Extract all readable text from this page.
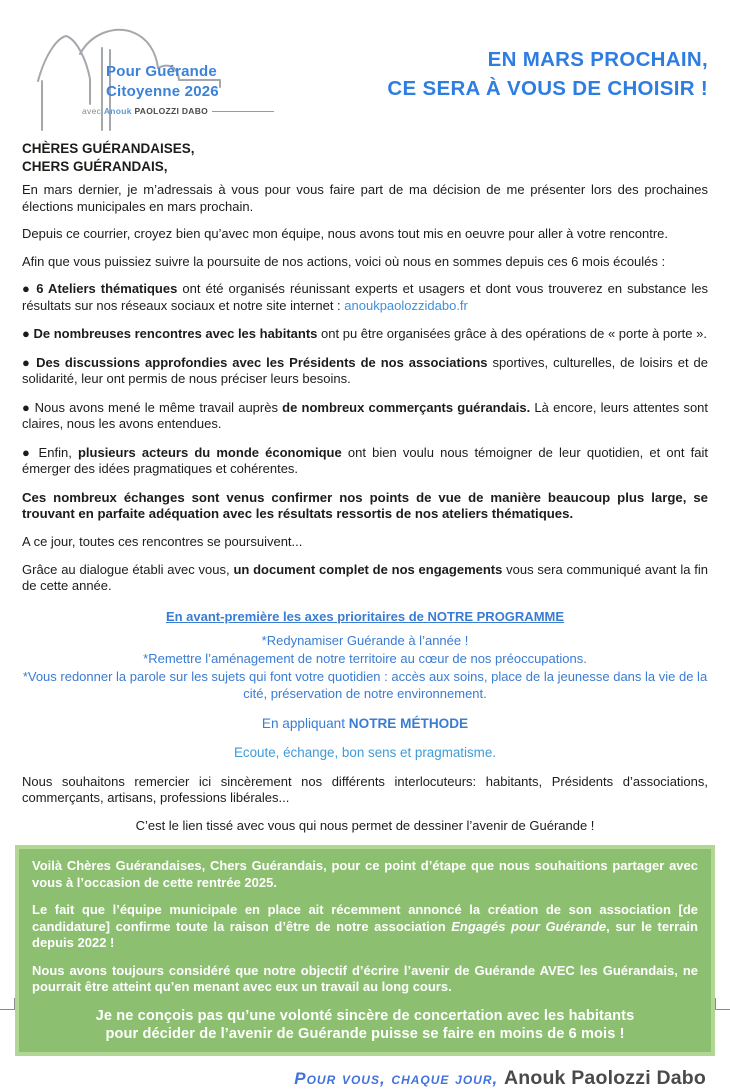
Pour Guérande
Citoyenne 2026
avec Anouk PAOLOZZI DABO
EN MARS PROCHAIN,
CE SERA À VOUS DE CHOISIR !

CHÈRES GUÉRANDAISES,
CHERS GUÉRANDAIS,

En mars dernier, je m’adressais à vous pour vous faire part de ma décision de me présenter lors des prochaines élections municipales en mars prochain.

Depuis ce courrier, croyez bien qu’avec mon équipe, nous avons tout mis en oeuvre pour aller à votre rencontre.

Afin que vous puissiez suivre la poursuite de nos actions, voici où nous en sommes depuis ces 6 mois écoulés :

● 6 Ateliers thématiques ont été organisés réunissant experts et usagers et dont vous trouverez en substance les résultats sur nos réseaux sociaux et notre site internet : anoukpaolozzidabo.fr

● De nombreuses rencontres avec les habitants ont pu être organisées grâce à des opérations de « porte à porte ».

● Des discussions approfondies avec les Présidents de nos associations sportives, culturelles, de loisirs et de solidarité, leur ont permis de nous préciser leurs besoins.

● Nous avons mené le même travail auprès de nombreux commerçants guérandais. Là encore, leurs attentes sont claires, nous les avons entendues.

● Enfin, plusieurs acteurs du monde économique ont bien voulu nous témoigner de leur quotidien, et ont fait émerger des idées pragmatiques et cohérentes.

Ces nombreux échanges sont venus confirmer nos points de vue de manière beaucoup plus large, se trouvant en parfaite adéquation avec les résultats ressortis de nos ateliers thématiques.

A ce jour, toutes ces rencontres se poursuivent...

Grâce au dialogue établi avec vous, un document complet de nos engagements vous sera communiqué avant la fin de cette année.

En avant-première les axes prioritaires de NOTRE PROGRAMME

*Redynamiser Guérande à l’année !

*Remettre l’aménagement de notre territoire au cœur de nos préoccupations.

*Vous redonner la parole sur les sujets qui font votre quotidien : accès aux soins, place de la jeunesse dans la vie de la cité, préservation de notre environnement.

En appliquant NOTRE MÉTHODE

Ecoute, échange, bon sens et pragmatisme.

Nous souhaitons remercier ici sincèrement nos différents interlocuteurs: habitants, Présidents d’associations, commerçants, artisans, professions libérales...

C’est le lien tissé avec vous qui nous permet de dessiner l’avenir de Guérande !

Voilà Chères Guérandaises, Chers Guérandais, pour ce point d’étape que nous souhaitions partager avec vous à l’occasion de cette rentrée 2025.

Le fait que l’équipe municipale en place ait récemment annoncé la création de son association [de candidature] confirme toute la raison d’être de notre association Engagés pour Guérande, sur le terrain depuis 2022 !

Nous avons toujours considéré que notre objectif d’écrire l’avenir de Guérande AVEC les Guérandais, ne pourrait être atteint qu’en menant avec eux un travail au long cours.

Je ne conçois pas qu’une volonté sincère de concertation avec les habitants
pour décider de l’avenir de Guérande puisse se faire en moins de 6 mois !

Pour vous, chaque jour, Anouk Paolozzi Dabo
